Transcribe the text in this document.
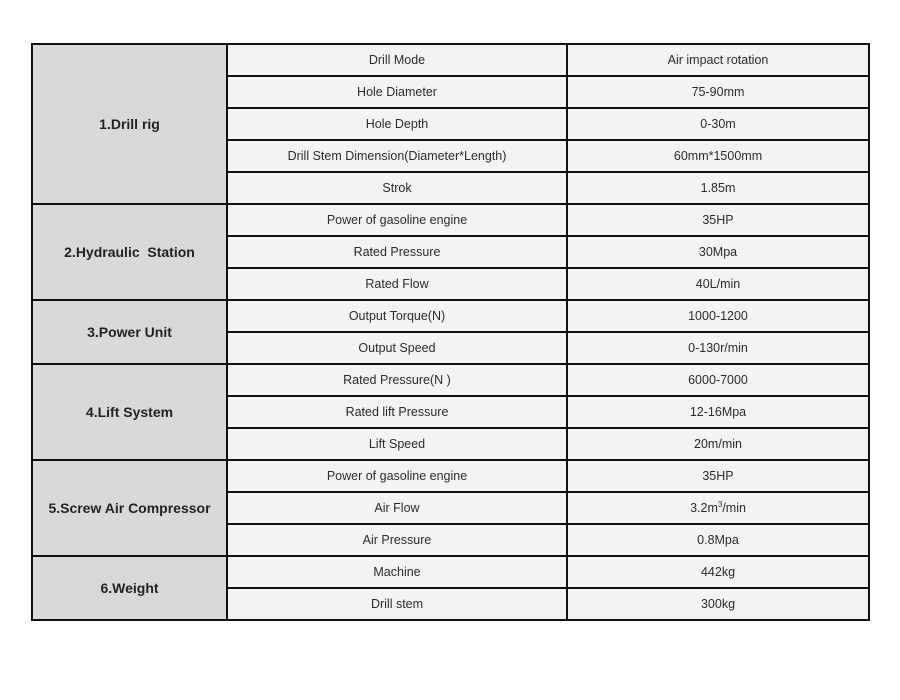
1.Drill rig	Drill Mode	Air impact rotation
	Hole Diameter	75-90mm
	Hole Depth	0-30m
	Drill Stem Dimension(Diameter*Length)	60mm*1500mm
	Strok	1.85m
2.Hydraulic  Station	Power of gasoline engine	35HP
	Rated Pressure	30Mpa
	Rated Flow	40L/min
3.Power Unit	Output Torque(N)	1000-1200
	Output Speed	0-130r/min
4.Lift System	Rated Pressure(N )	6000-7000
	Rated lift Pressure	12-16Mpa
	Lift Speed	20m/min
5.Screw Air Compressor	Power of gasoline engine	35HP
	Air Flow	$3.2m^3/\min$
	Air Pressure	0.8Mpa
6.Weight	Machine	442kg
	Drill stem	300kg
